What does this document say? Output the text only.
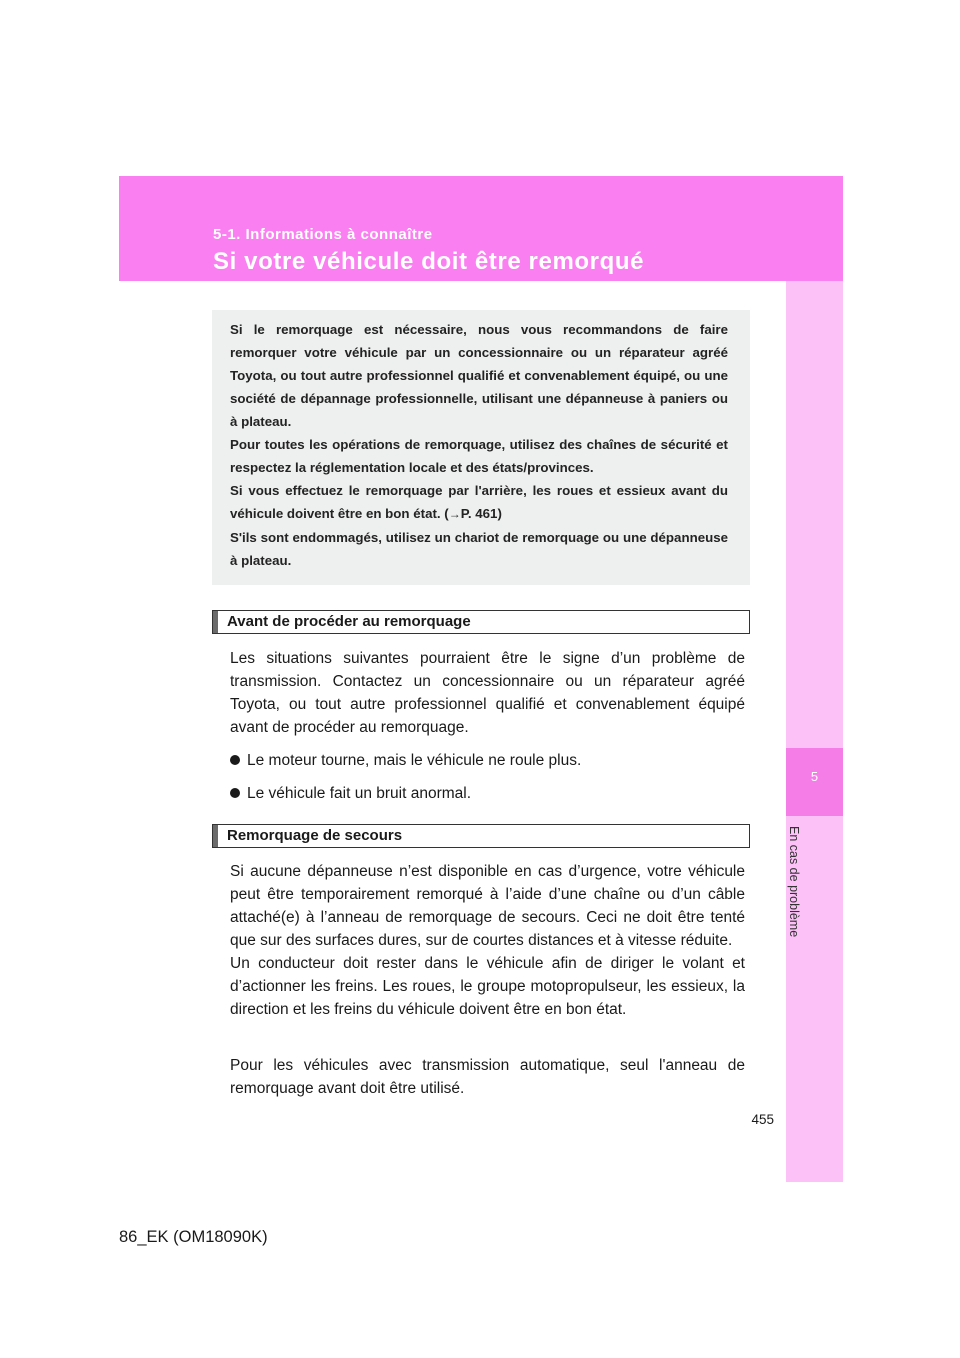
5-1. Informations à connaître
Si votre véhicule doit être remorqué
5
En cas de problème

Si le remorquage est nécessaire, nous vous recommandons de faire remorquer votre véhicule par un concessionnaire ou un réparateur agréé Toyota, ou tout autre professionnel qualifié et convenablement équipé, ou une société de dépannage professionnelle, utilisant une dépanneuse à paniers ou à plateau.

Pour toutes les opérations de remorquage, utilisez des chaînes de sécurité et respectez la réglementation locale et des états/provinces.

Si vous effectuez le remorquage par l'arrière, les roues et essieux avant du véhicule doivent être en bon état. (→P. 461)

S'ils sont endommagés, utilisez un chariot de remorquage ou une dépanneuse à plateau.

Avant de procéder au remorquage

Les situations suivantes pourraient être le signe d’un problème de transmission. Contactez un concessionnaire ou un réparateur agréé Toyota, ou tout autre professionnel qualifié et convenablement équipé avant de procéder au remorquage.

Le moteur tourne, mais le véhicule ne roule plus.
Le véhicule fait un bruit anormal.
Remorquage de secours

Si aucune dépanneuse n’est disponible en cas d’urgence, votre véhicule peut être temporairement remorqué à l’aide d’une chaîne ou d’un câble attaché(e) à l’anneau de remorquage de secours. Ceci ne doit être tenté que sur des surfaces dures, sur de courtes distances et à vitesse réduite.

Un conducteur doit rester dans le véhicule afin de diriger le volant et d’actionner les freins. Les roues, le groupe motopropulseur, les essieux, la direction et les freins du véhicule doivent être en bon état.

Pour les véhicules avec transmission automatique, seul l'anneau de remorquage avant doit être utilisé.

455
86_EK (OM18090K)
